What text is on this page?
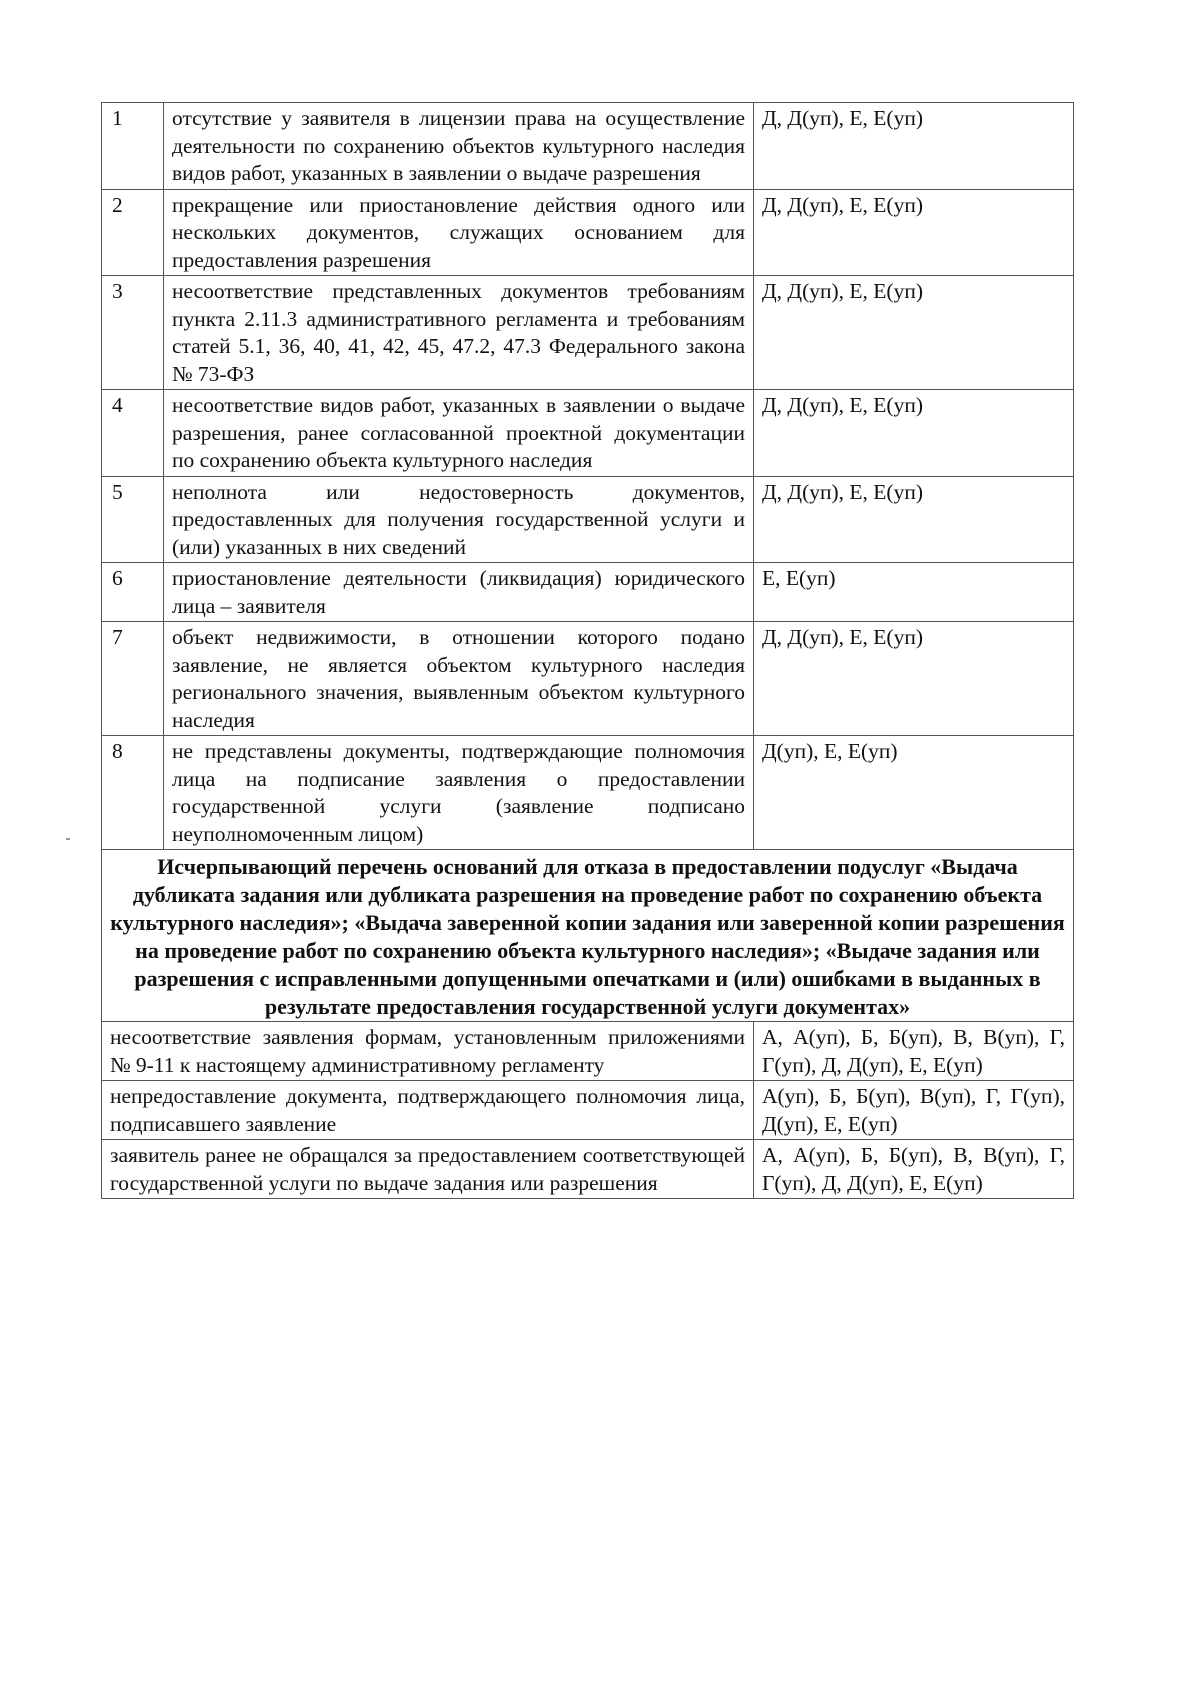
1	отсутствие у заявителя в лицензии права на осуществление деятельности по сохранению объектов культурного наследия видов работ, указанных в заявлении о выдаче разрешения	Д, Д(уп), Е, Е(уп)
2	прекращение или приостановление действия одного или нескольких документов, служащих основанием для предоставления разрешения	Д, Д(уп), Е, Е(уп)
3	несоответствие представленных документов требованиям пункта 2.11.3 административного регламента и требованиям статей 5.1, 36, 40, 41, 42, 45, 47.2, 47.3 Федерального закона № 73-ФЗ	Д, Д(уп), Е, Е(уп)
4	несоответствие видов работ, указанных в заявлении о выдаче разрешения, ранее согласованной проектной документации по сохранению объекта культурного наследия	Д, Д(уп), Е, Е(уп)
5	неполнота или недостоверность документов, предоставленных для получения государственной услуги и (или) указанных в них сведений	Д, Д(уп), Е, Е(уп)
6	приостановление деятельности (ликвидация) юридического лица – заявителя	Е, Е(уп)
7	объект недвижимости, в отношении которого подано заявление, не является объектом культурного наследия регионального значения, выявленным объектом культурного наследия	Д, Д(уп), Е, Е(уп)
8	не представлены документы, подтверждающие полномочия лица на подписание заявления о предоставлении государственной услуги (заявление подписано неуполномоченным лицом)	Д(уп), Е, Е(уп)
Исчерпывающий перечень оснований для отказа в предоставлении подуслуг «Выдача дубликата задания или дубликата разрешения на проведение работ по сохранению объекта культурного наследия»; «Выдача заверенной копии задания или заверенной копии разрешения на проведение работ по сохранению объекта культурного наследия»; «Выдаче задания или разрешения с исправленными допущенными опечатками и (или) ошибками в выданных в результате предоставления государственной услуги документах»		
несоответствие заявления формам, установленным приложениями № 9-11 к настоящему административному регламенту		А, А(уп), Б, Б(уп), В, В(уп), Г, Г(уп), Д, Д(уп), Е, Е(уп)
непредоставление документа, подтверждающего полномочия лица, подписавшего заявление		А(уп), Б, Б(уп), В(уп), Г, Г(уп), Д(уп), Е, Е(уп)
заявитель ранее не обращался за предоставлением соответствующей государственной услуги по выдаче задания или разрешения		А, А(уп), Б, Б(уп), В, В(уп), Г, Г(уп), Д, Д(уп), Е, Е(уп)
